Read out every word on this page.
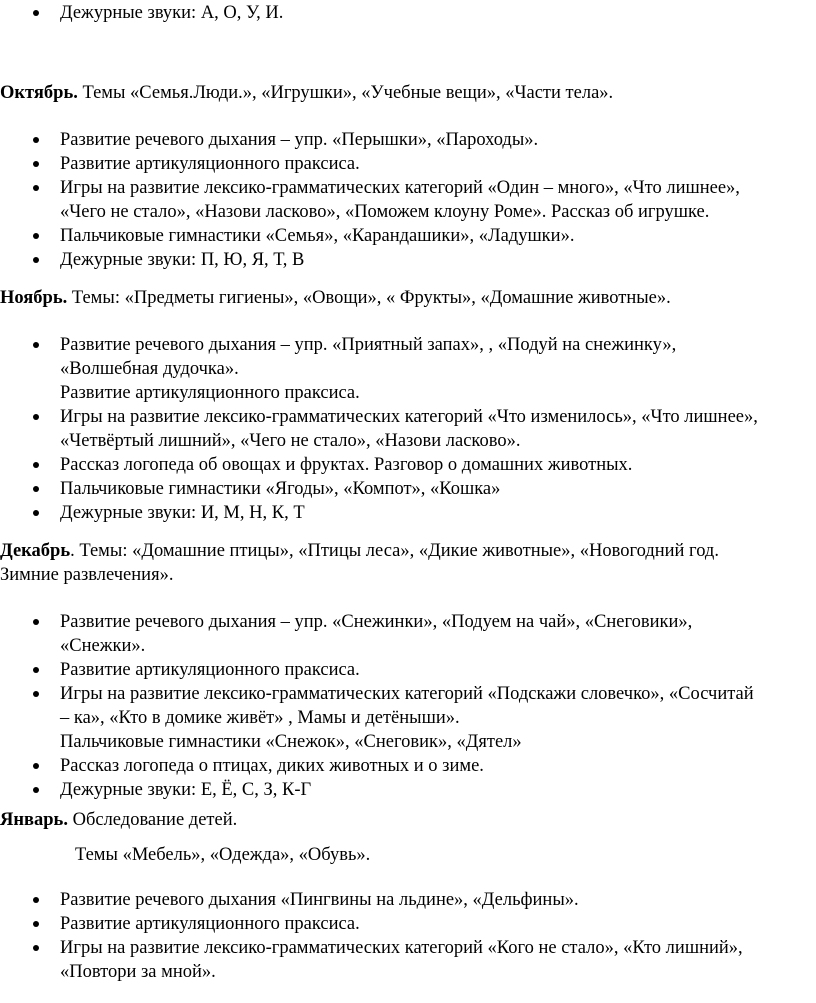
Дежурные звуки: А, О, У, И.
Октябрь. Темы «Семья.Люди.», «Игрушки», «Учебные вещи», «Части тела».
Развитие речевого дыхания – упр. «Перышки», «Пароходы».
Развитие артикуляционного праксиса.
Игры на развитие лексико-грамматических категорий «Один – много», «Что лишнее»,
«Чего не стало», «Назови ласково», «Поможем клоуну Роме». Рассказ об игрушке.
Пальчиковые гимнастики «Семья», «Карандашики», «Ладушки».
Дежурные звуки: П, Ю, Я, Т, В
Ноябрь. Темы: «Предметы гигиены», «Овощи», « Фрукты», «Домашние животные».
Развитие речевого дыхания – упр. «Приятный запах», , «Подуй на снежинку»,
«Волшебная дудочка».
Развитие артикуляционного праксиса.
Игры на развитие лексико-грамматических категорий «Что изменилось», «Что лишнее»,
«Четвёртый лишний», «Чего не стало», «Назови ласково».
Рассказ логопеда об овощах и фруктах. Разговор о домашних животных.
Пальчиковые гимнастики «Ягоды», «Компот», «Кошка»
Дежурные звуки: И, М, Н, К, Т
Декабрь. Темы: «Домашние птицы», «Птицы леса», «Дикие животные», «Новогодний год.
Зимние развлечения».
Развитие речевого дыхания – упр. «Снежинки», «Подуем на чай», «Снеговики»,
«Снежки».
Развитие артикуляционного праксиса.
Игры на развитие лексико-грамматических категорий «Подскажи словечко», «Сосчитай
– ка», «Кто в домике живёт» , Мамы и детёныши».
Пальчиковые гимнастики «Снежок», «Снеговик», «Дятел»
Рассказ логопеда о птицах, диких животных и о зиме.
Дежурные звуки: Е, Ё, С, З, К-Г
Январь. Обследование детей.
Темы «Мебель», «Одежда», «Обувь».
Развитие речевого дыхания «Пингвины на льдине», «Дельфины».
Развитие артикуляционного праксиса.
Игры на развитие лексико-грамматических категорий «Кого не стало», «Кто лишний»,
«Повтори за мной».
